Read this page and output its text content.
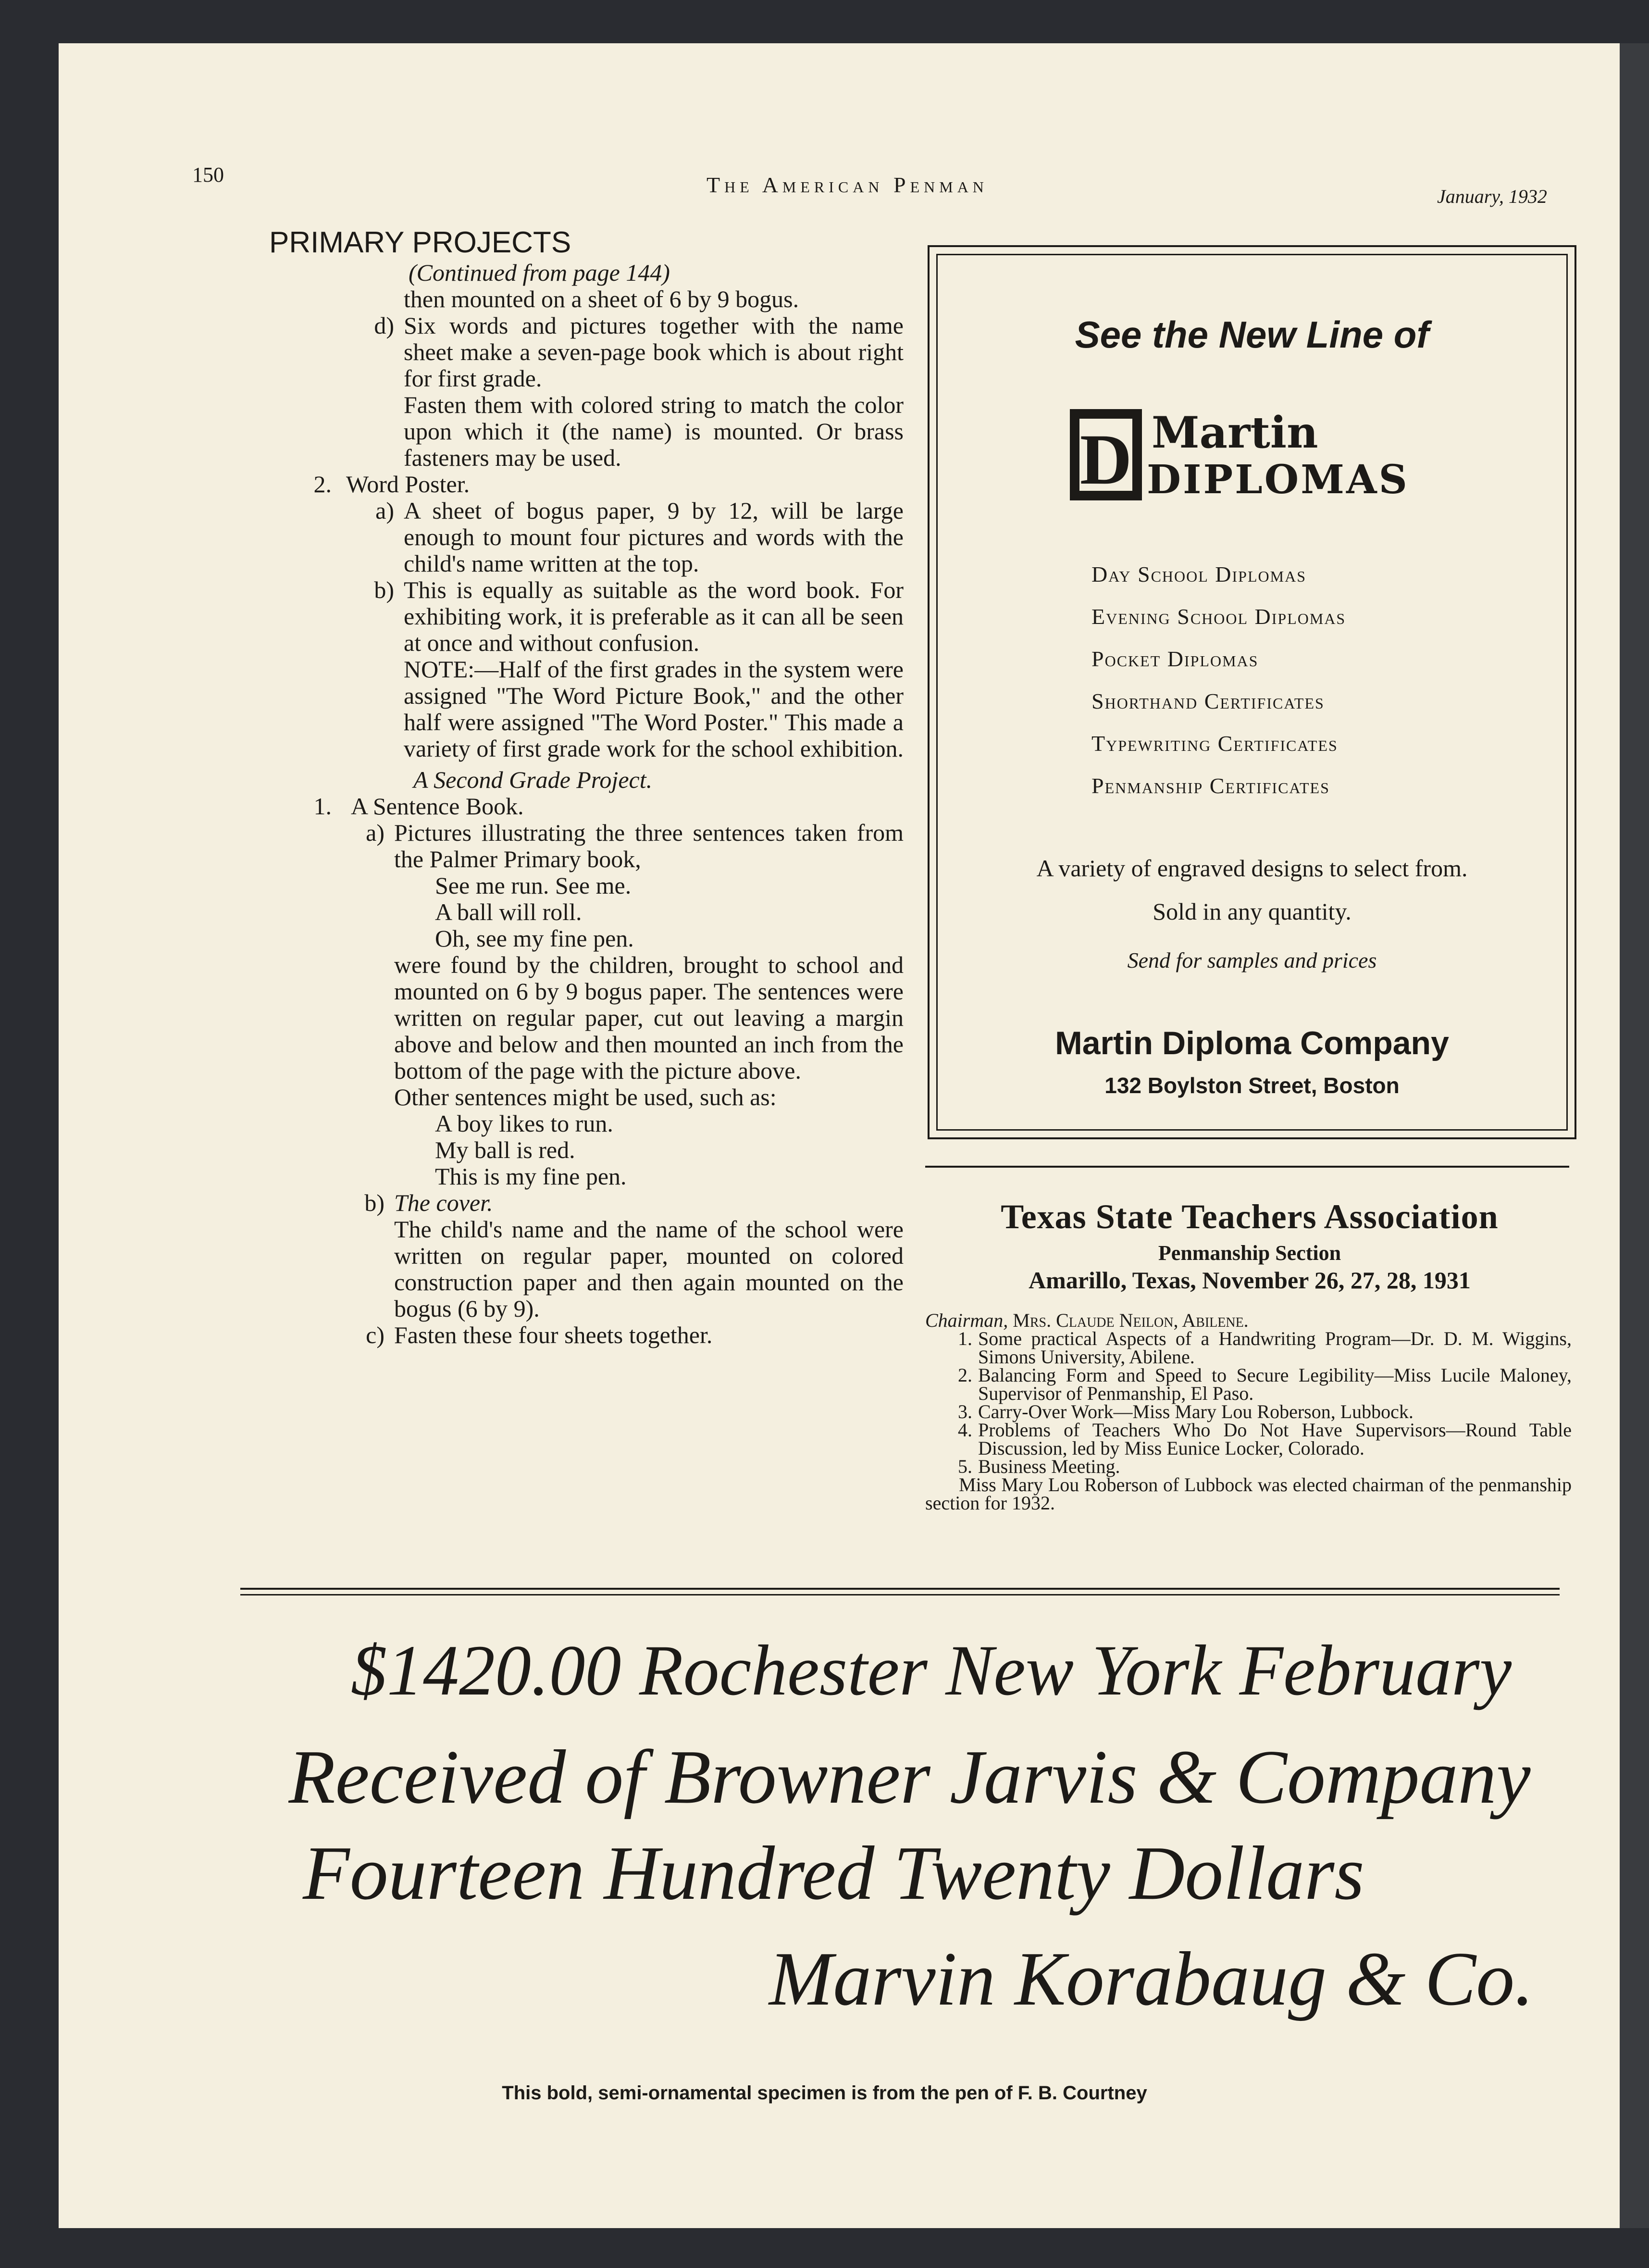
150	The American Penman	January, 1932

PRIMARY PROJECTS

(Continued from page 144)

then mounted on a sheet of 6 by 9 bogus.

d) Six words and pictures together with the name sheet make a seven-page book which is about right for first grade.

Fasten them with colored string to match the color upon which it (the name) is mounted. Or brass fasteners may be used.

2. Word Poster.
a) A sheet of bogus paper, 9 by 12, will be large enough to mount four pictures and words with the child's name written at the top.
b) This is equally as suitable as the word book. For exhibiting work, it is preferable as it can all be seen at once and without confusion.

NOTE:—Half of the first grades in the system were assigned "The Word Picture Book," and the other half were assigned "The Word Poster." This made a variety of first grade work for the school exhibition.

A Second Grade Project.

1. A Sentence Book.
a) Pictures illustrating the three sentences taken from the Palmer Primary book,

See me run. See me.

A ball will roll.

Oh, see my fine pen.

were found by the children, brought to school and mounted on 6 by 9 bogus paper. The sentences were written on regular paper, cut out leaving a margin above and below and then mounted an inch from the bottom of the page with the picture above.

Other sentences might be used, such as:

A boy likes to run.

My ball is red.

This is my fine pen.

b) The cover.

The child's name and the name of the school were written on regular paper, mounted on colored construction paper and then again mounted on the bogus (6 by 9).

c) Fasten these four sheets together.
See the New Line of
D Martin
DIPLOMAS
Day School Diplomas
Evening School Diplomas
Pocket Diplomas
Shorthand Certificates
Typewriting Certificates
Penmanship Certificates
A variety of engraved designs to select from.
Sold in any quantity.
Send for samples and prices
Martin Diploma Company
132 Boylston Street, Boston
Texas State Teachers Association
Penmanship Section
Amarillo, Texas, November 26, 27, 28, 1931

Chairman, Mrs. Claude Neilon, Abilene.

1. Some practical Aspects of a Handwriting Program—Dr. D. M. Wiggins, Simons University, Abilene.
2. Balancing Form and Speed to Secure Legibility—Miss Lucile Maloney, Supervisor of Penmanship, El Paso.
3. Carry-Over Work—Miss Mary Lou Roberson, Lubbock.
4. Problems of Teachers Who Do Not Have Supervisors—Round Table Discussion, led by Miss Eunice Locker, Colorado.
5. Business Meeting.

Miss Mary Lou Roberson of Lubbock was elected chairman of the penmanship section for 1932.

$1420.00 Rochester New York February
Received of Browner Jarvis & Company
Fourteen Hundred Twenty Dollars
Marvin Korabaug & Co.
This bold, semi-ornamental specimen is from the pen of F. B. Courtney
